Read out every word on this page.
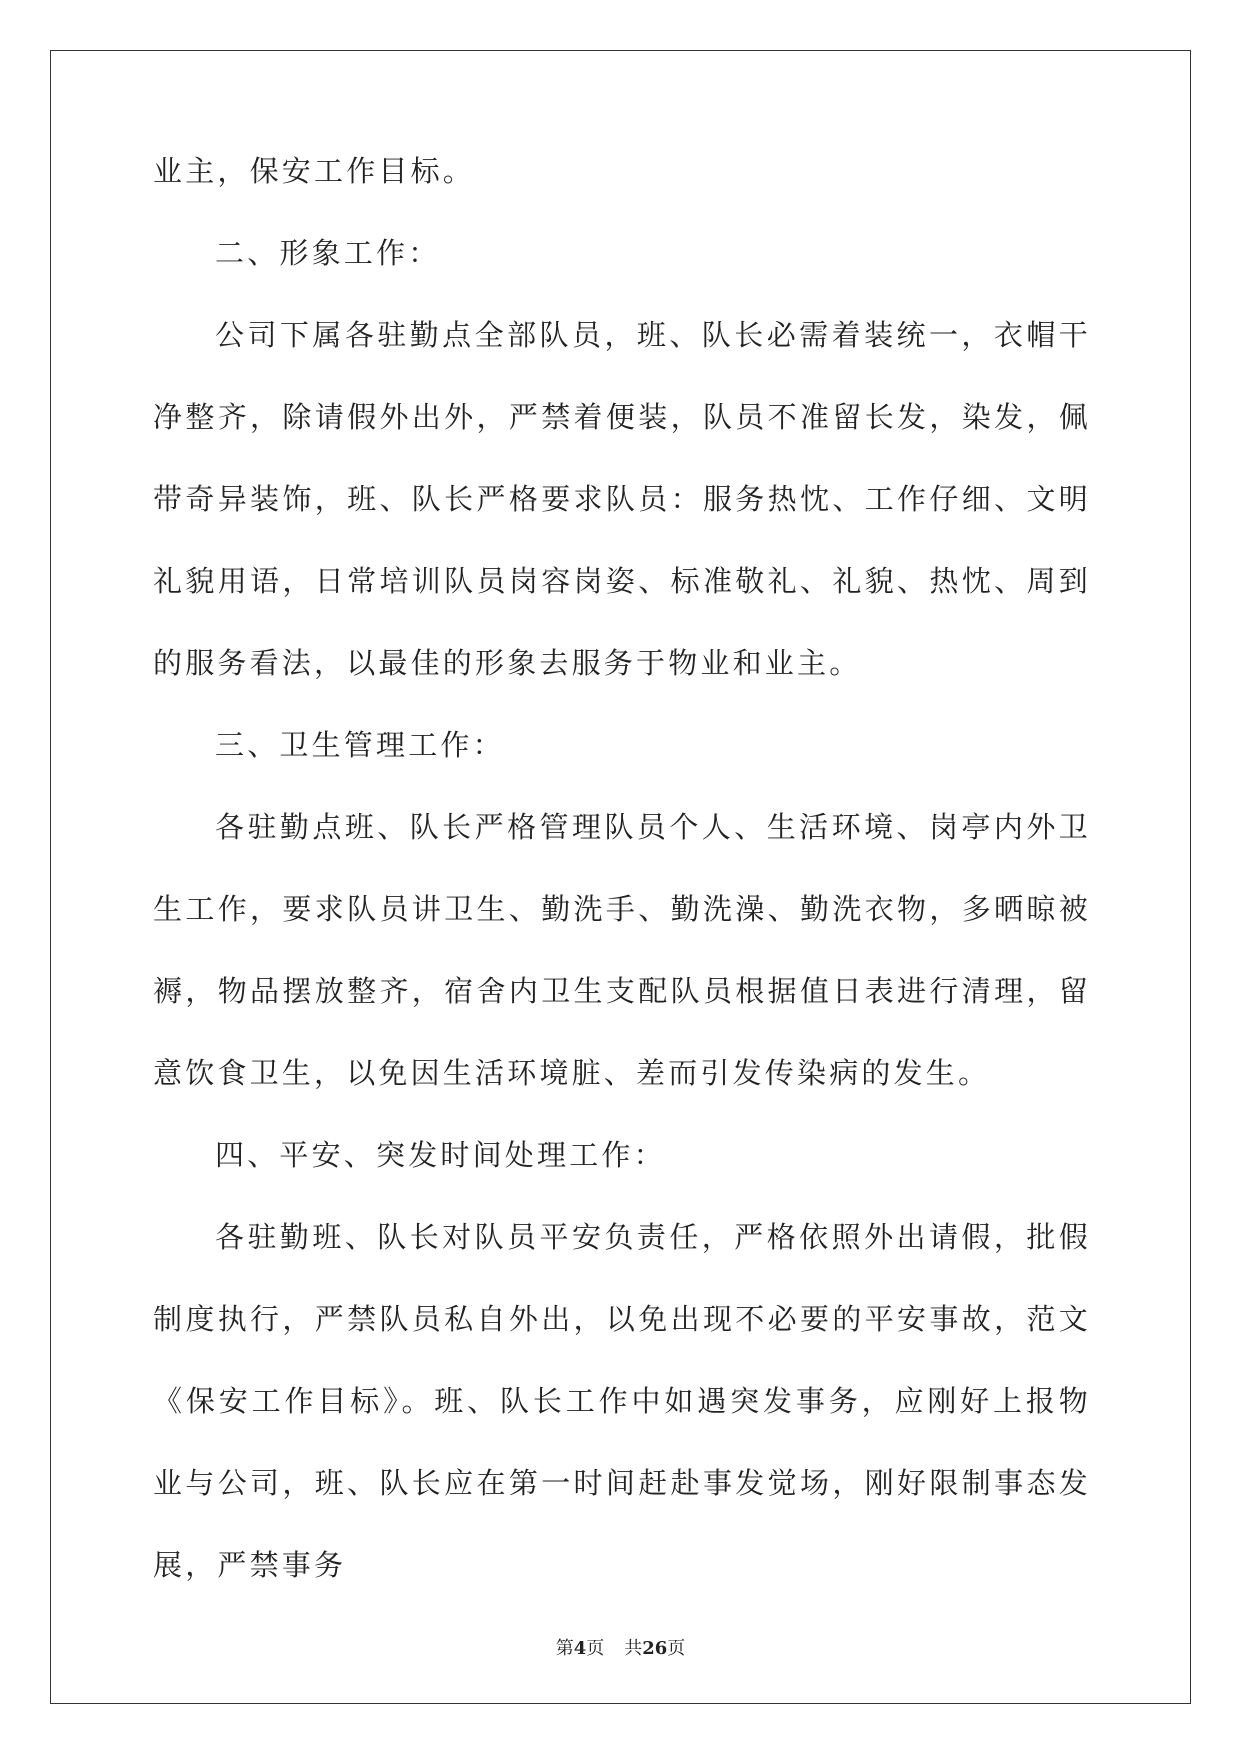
业主，保安工作目标。

二、形象工作：

公司下属各驻勤点全部队员，班、队长必需着装统一，衣帽干净整齐，除请假外出外，严禁着便装，队员不准留长发，染发，佩带奇异装饰，班、队长严格要求队员：服务热忱、工作仔细、文明礼貌用语，日常培训队员岗容岗姿、标准敬礼、礼貌、热忱、周到的服务看法，以最佳的形象去服务于物业和业主。

三、卫生管理工作：

各驻勤点班、队长严格管理队员个人、生活环境、岗亭内外卫生工作，要求队员讲卫生、勤洗手、勤洗澡、勤洗衣物，多晒晾被褥，物品摆放整齐，宿舍内卫生支配队员根据值日表进行清理，留意饮食卫生，以免因生活环境脏、差而引发传染病的发生。

四、平安、突发时间处理工作：

各驻勤班、队长对队员平安负责任，严格依照外出请假，批假制度执行，严禁队员私自外出，以免出现不必要的平安事故，范文《保安工作目标》。班、队长工作中如遇突发事务，应刚好上报物业与公司，班、队长应在第一时间赶赴事发觉场，刚好限制事态发展，严禁事务

第4页 共26页
